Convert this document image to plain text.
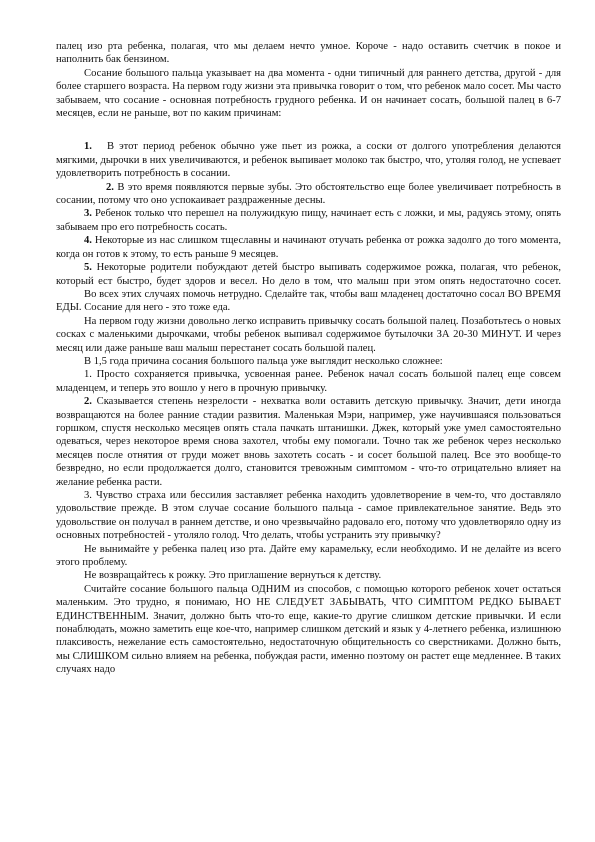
палец изо рта ребенка, полагая, что мы делаем нечто умное. Короче - надо оставить счетчик в покое и наполнить бак бензином.

Сосание большого пальца указывает на два момента - одни типичный для раннего детства, другой - для более старшего возраста. На первом году жизни эта привычка говорит о том, что ребенок мало сосет. Мы часто забываем, что сосание - основная потребность грудного ребенка. И он начинает сосать, большой палец в 6-7 месяцев, если не раньше, вот по каким причинам:

1. В этот период ребенок обычно уже пьет из рожка, а соски от долгого употребления делаются мягкими, дырочки в них увеличиваются, и ребенок выпивает молоко так быстро, что, утоляя голод, не успевает удовлетворить потребность в сосании.

2. В это время появляются первые зубы. Это обстоятельство еще более увеличивает потребность в сосании, потому что оно успокаивает раздраженные десны.

3. Ребенок только что перешел на полужидкую пищу, начинает есть с ложки, и мы, радуясь этому, опять забываем про его потребность сосать.

4. Некоторые из нас слишком тщеславны и начинают отучать ребенка от рожка задолго до того момента, когда он готов к этому, то есть раньше 9 месяцев.

5. Некоторые родители побуждают детей быстро выпивать содержимое рожка, полагая, что ребенок, который ест быстро, будет здоров и весел. Но дело в том, что малыш при этом опять недостаточно сосет.

Во всех этих случаях помочь нетрудно. Сделайте так, чтобы ваш младенец достаточно сосал ВО ВРЕМЯ ЕДЫ. Сосание для него - это тоже еда.

На первом году жизни довольно легко исправить привычку сосать большой палец. Позаботьтесь о новых сосках с маленькими дырочками, чтобы ребенок выпивал содержимое бутылочки ЗА 20-30 МИНУТ. И через месяц или даже раньше ваш малыш перестанет сосать большой палец.

В 1,5 года причина сосания большого пальца уже выглядит несколько сложнее:

1. Просто сохраняется привычка, усвоенная ранее. Ребенок начал сосать большой палец еще совсем младенцем, и теперь это вошло у него в прочную привычку.

2. Сказывается степень незрелости - нехватка воли оставить детскую привычку. Значит, дети иногда возвращаются на более ранние стадии развития. Маленькая Мэри, например, уже научившаяся пользоваться горшком, спустя несколько месяцев опять стала пачкать штанишки. Джек, который уже умел самостоятельно одеваться, через некоторое время снова захотел, чтобы ему помогали. Точно так же ребенок через несколько месяцев после отнятия от груди может вновь захотеть сосать - и сосет большой палец. Все это вообще-то безвредно, но если продолжается долго, становится тревожным симптомом - что-то отрицательно влияет на желание ребенка расти.

3. Чувство страха или бессилия заставляет ребенка находить удовлетворение в чем-то, что доставляло удовольствие прежде. В этом случае сосание большого пальца - самое привлекательное занятие. Ведь это удовольствие он получал в раннем детстве, и оно чрезвычайно радовало его, потому что удовлетворяло одну из основных потребностей - утоляло голод. Что делать, чтобы устранить эту привычку?

Не вынимайте у ребенка палец изо рта. Дайте ему карамельку, если необходимо. И не делайте из всего этого проблему.

Не возвращайтесь к рожку. Это приглашение вернуться к детству.

Считайте сосание большого пальца ОДНИМ из способов, с помощью которого ребенок хочет остаться маленьким. Это трудно, я понимаю, НО НЕ СЛЕДУЕТ ЗАБЫВАТЬ, ЧТО СИМПТОМ РЕДКО БЫВАЕТ ЕДИНСТВЕННЫМ. Значит, должно быть что-то еще, какие-то другие слишком детские привычки. И если понаблюдать, можно заметить еще кое-что, например слишком детский и язык у 4-летнего ребенка, излишнюю плаксивость, нежелание есть самостоятельно, недостаточную общительность со сверстниками. Должно быть, мы СЛИШКОМ сильно влияем на ребенка, побуждая расти, именно поэтому он растет еще медленнее. В таких случаях надо
